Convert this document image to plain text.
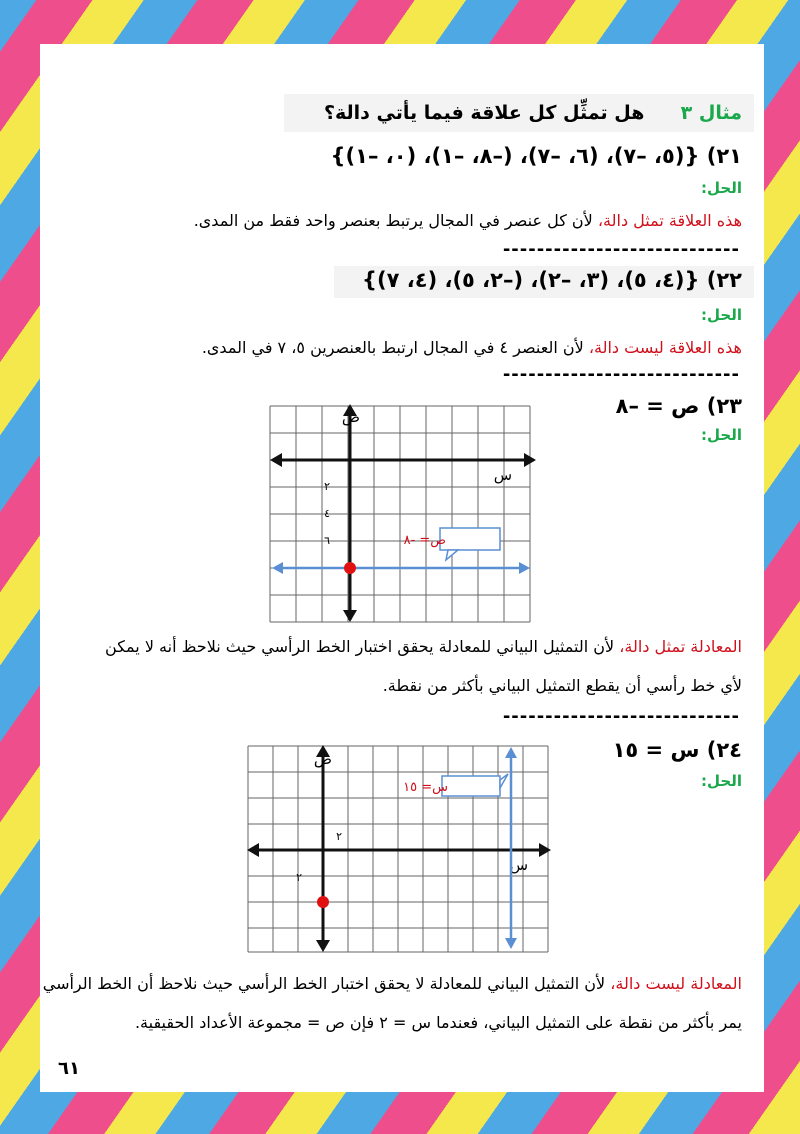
مثال ٣      هل تمثِّل كل علاقة فيما يأتي دالة؟
٢١) {(٥، –٧)، (٦، –٧)، (–٨، –١)، (٠، –١)}
الحل:
هذه العلاقة تمثل دالة، لأن كل عنصر في المجال يرتبط بعنصر واحد فقط من المدى.
----------------------------
٢٢) {(٤، ٥)، (٣، –٢)، (–٢، ٥)، (٤، ٧)}
الحل:
هذه العلاقة ليست دالة، لأن العنصر ٤ في المجال ارتبط بالعنصرين ٥، ٧ في المدى.
----------------------------
٢٣) ص = –٨
الحل:
ص
س
٢
٤
٦	ص= -٨
المعادلة تمثل دالة، لأن التمثيل البياني للمعادلة يحقق اختبار الخط الرأسي حيث نلاحظ أنه لا يمكن
لأي خط رأسي أن يقطع التمثيل البياني بأكثر من نقطة.
----------------------------
٢٤) س = ١٥
الحل:
ص
س
٢
٢
س= ١٥
المعادلة ليست دالة، لأن التمثيل البياني للمعادلة لا يحقق اختبار الخط الرأسي حيث نلاحظ أن الخط الرأسي
يمر بأكثر من نقطة على التمثيل البياني، فعندما س = ٢ فإن ص = مجموعة الأعداد الحقيقية.
٦١
